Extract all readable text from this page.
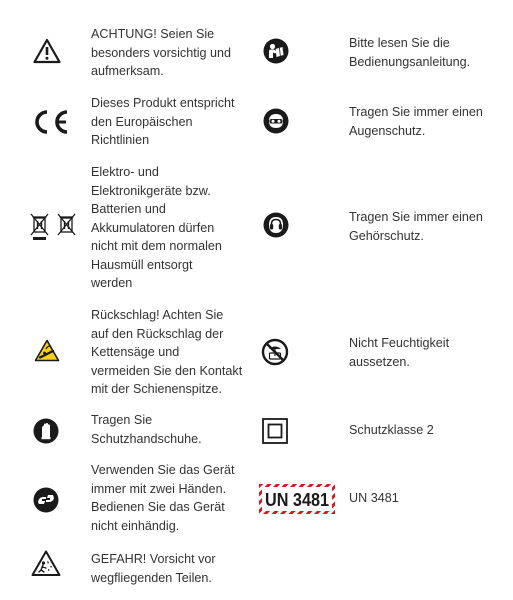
ACHTUNG! Seien Sie
besonders vorsichtig und
aufmerksam.

Dieses Produkt entspricht
den Europäischen
Richtlinien

Elektro- und
Elektronikgeräte bzw.
Batterien und
Akkumulatoren dürfen
nicht mit dem normalen
Hausmüll entsorgt
werden

Rückschlag! Achten Sie
auf den Rückschlag der
Kettensäge und
vermeiden Sie den Kontakt
mit der Schienenspitze.

Tragen Sie
Schutzhandschuhe.

Verwenden Sie das Gerät
immer mit zwei Händen.
Bedienen Sie das Gerät
nicht einhändig.

GEFAHR! Vorsicht vor
wegfliegenden Teilen.

Bitte lesen Sie die
Bedienungsanleitung.

Tragen Sie immer einen
Augenschutz.

Tragen Sie immer einen
Gehörschutz.

Nicht Feuchtigkeit
aussetzen.

Schutzklasse 2

UN 3481 UN 3481
